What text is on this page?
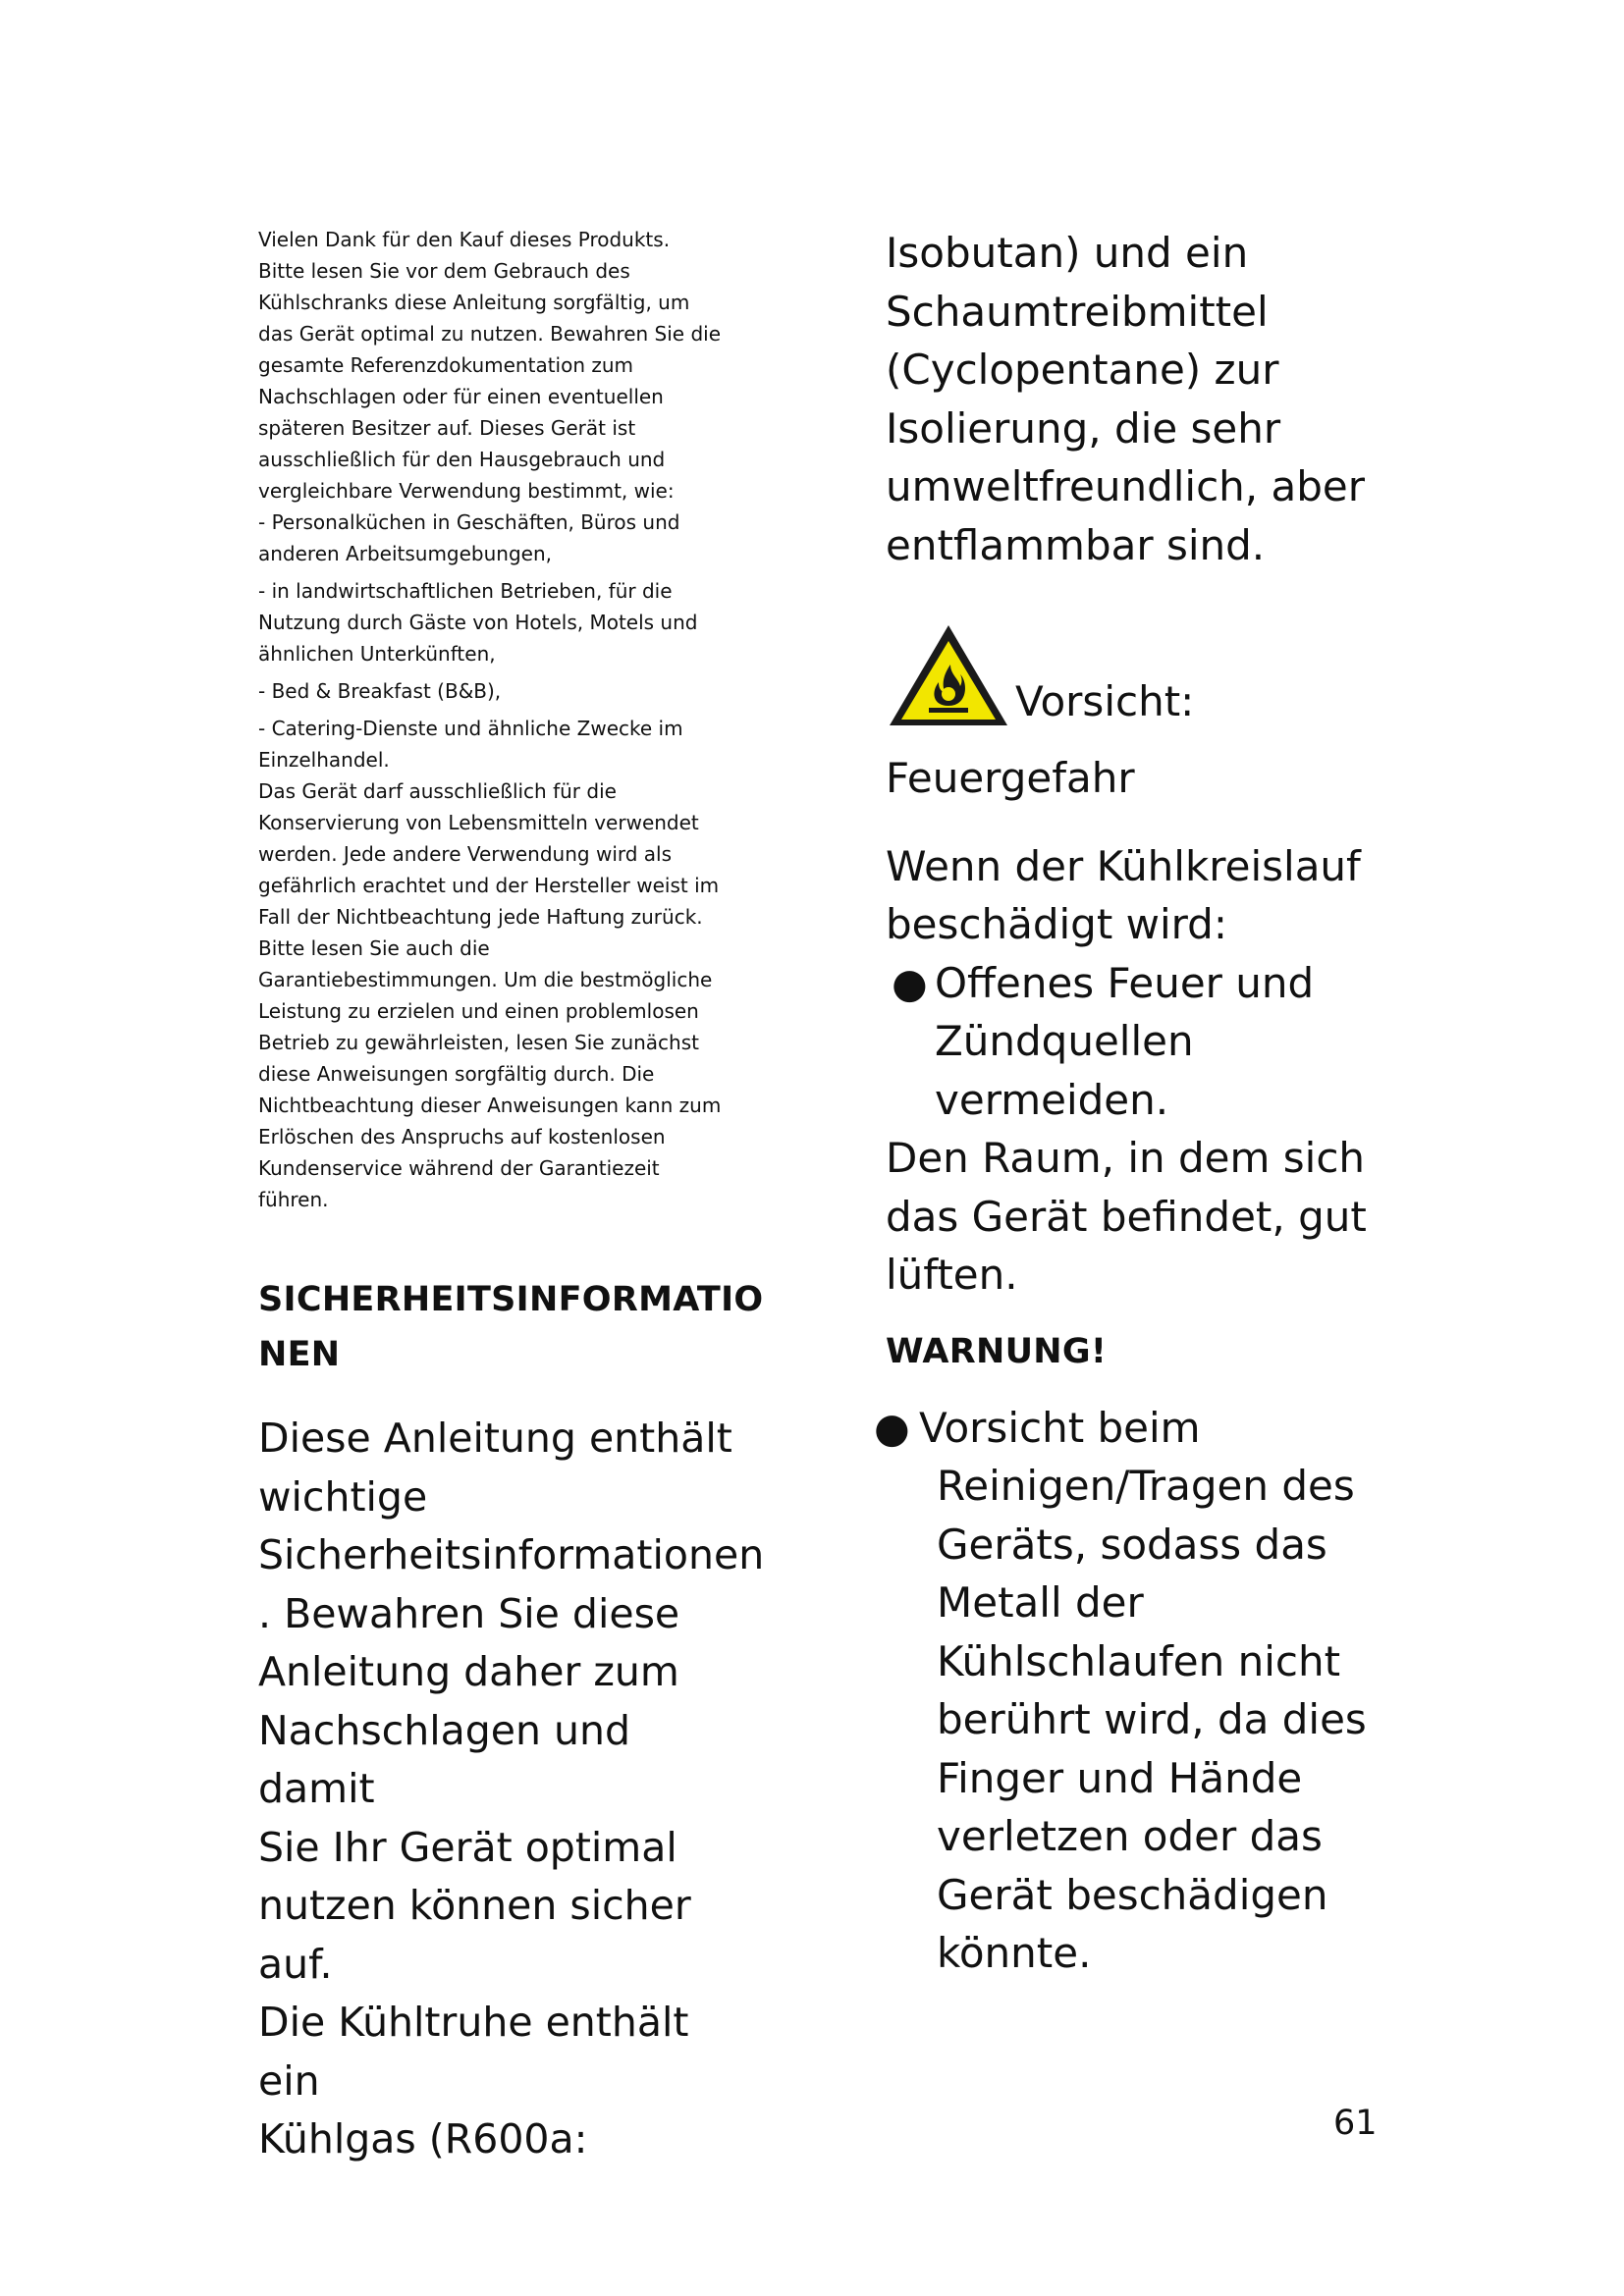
Vielen Dank für den Kauf dieses Produkts.

Bitte lesen Sie vor dem Gebrauch des

Kühlschranks diese Anleitung sorgfältig, um

das Gerät optimal zu nutzen. Bewahren Sie die

gesamte Referenzdokumentation zum

Nachschlagen oder für einen eventuellen

späteren Besitzer auf. Dieses Gerät ist

ausschließlich für den Hausgebrauch und

vergleichbare Verwendung bestimmt, wie:

- Personalküchen in Geschäften, Büros und

anderen Arbeitsumgebungen,

- in landwirtschaftlichen Betrieben, für die

Nutzung durch Gäste von Hotels, Motels und

ähnlichen Unterkünften,

- Bed & Breakfast (B&B),

- Catering-Dienste und ähnliche Zwecke im

Einzelhandel.

Das Gerät darf ausschließlich für die

Konservierung von Lebensmitteln verwendet

werden. Jede andere Verwendung wird als

gefährlich erachtet und der Hersteller weist im

Fall der Nichtbeachtung jede Haftung zurück.

Bitte lesen Sie auch die

Garantiebestimmungen. Um die bestmögliche

Leistung zu erzielen und einen problemlosen

Betrieb zu gewährleisten, lesen Sie zunächst

diese Anweisungen sorgfältig durch. Die

Nichtbeachtung dieser Anweisungen kann zum

Erlöschen des Anspruchs auf kostenlosen

Kundenservice während der Garantiezeit

führen.

SICHERHEITSINFORMATIO
NEN

Diese Anleitung enthält

wichtige

Sicherheitsinformationen

. Bewahren Sie diese

Anleitung daher zum

Nachschlagen und damit

Sie Ihr Gerät optimal

nutzen können sicher

auf.

Die Kühltruhe enthält ein

Kühlgas (R600a:

Isobutan) und ein

Schaumtreibmittel

(Cyclopentane) zur

Isolierung, die sehr

umweltfreundlich, aber

entflammbar sind.

Vorsicht:

Feuergefahr

Wenn der Kühlkreislauf

beschädigt wird:

● Offenes Feuer und

Zündquellen

vermeiden.

Den Raum, in dem sich

das Gerät befindet, gut

lüften.

WARNUNG!
● Vorsicht beim

Reinigen/Tragen des

Geräts, sodass das

Metall der

Kühlschlaufen nicht

berührt wird, da dies

Finger und Hände

verletzen oder das

Gerät beschädigen

könnte.

61
